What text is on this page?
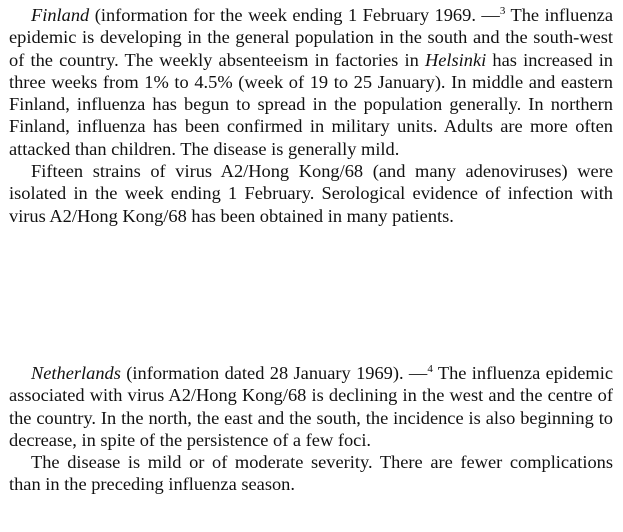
Finland (information for the week ending 1 February 1969. —$^3$ The influenza epidemic is developing in the general population in the south and the south-west of the country. The weekly absenteeism in factories in Helsinki has increased in three weeks from 1% to 4.5% (week of 19 to 25 January). In middle and eastern Finland, influenza has begun to spread in the population generally. In northern Finland, influenza has been confirmed in military units. Adults are more often attacked than children. The disease is generally mild.

Fifteen strains of virus A2/Hong Kong/68 (and many adenoviruses) were isolated in the week ending 1 February. Serological evidence of infection with virus A2/Hong Kong/68 has been obtained in many patients.

Netherlands (information dated 28 January 1969). —$^4$ The influenza epidemic associated with virus A2/Hong Kong/68 is declining in the west and the centre of the country. In the north, the east and the south, the incidence is also beginning to decrease, in spite of the persistence of a few foci.

The disease is mild or of moderate severity. There are fewer complications than in the preceding influenza season.
